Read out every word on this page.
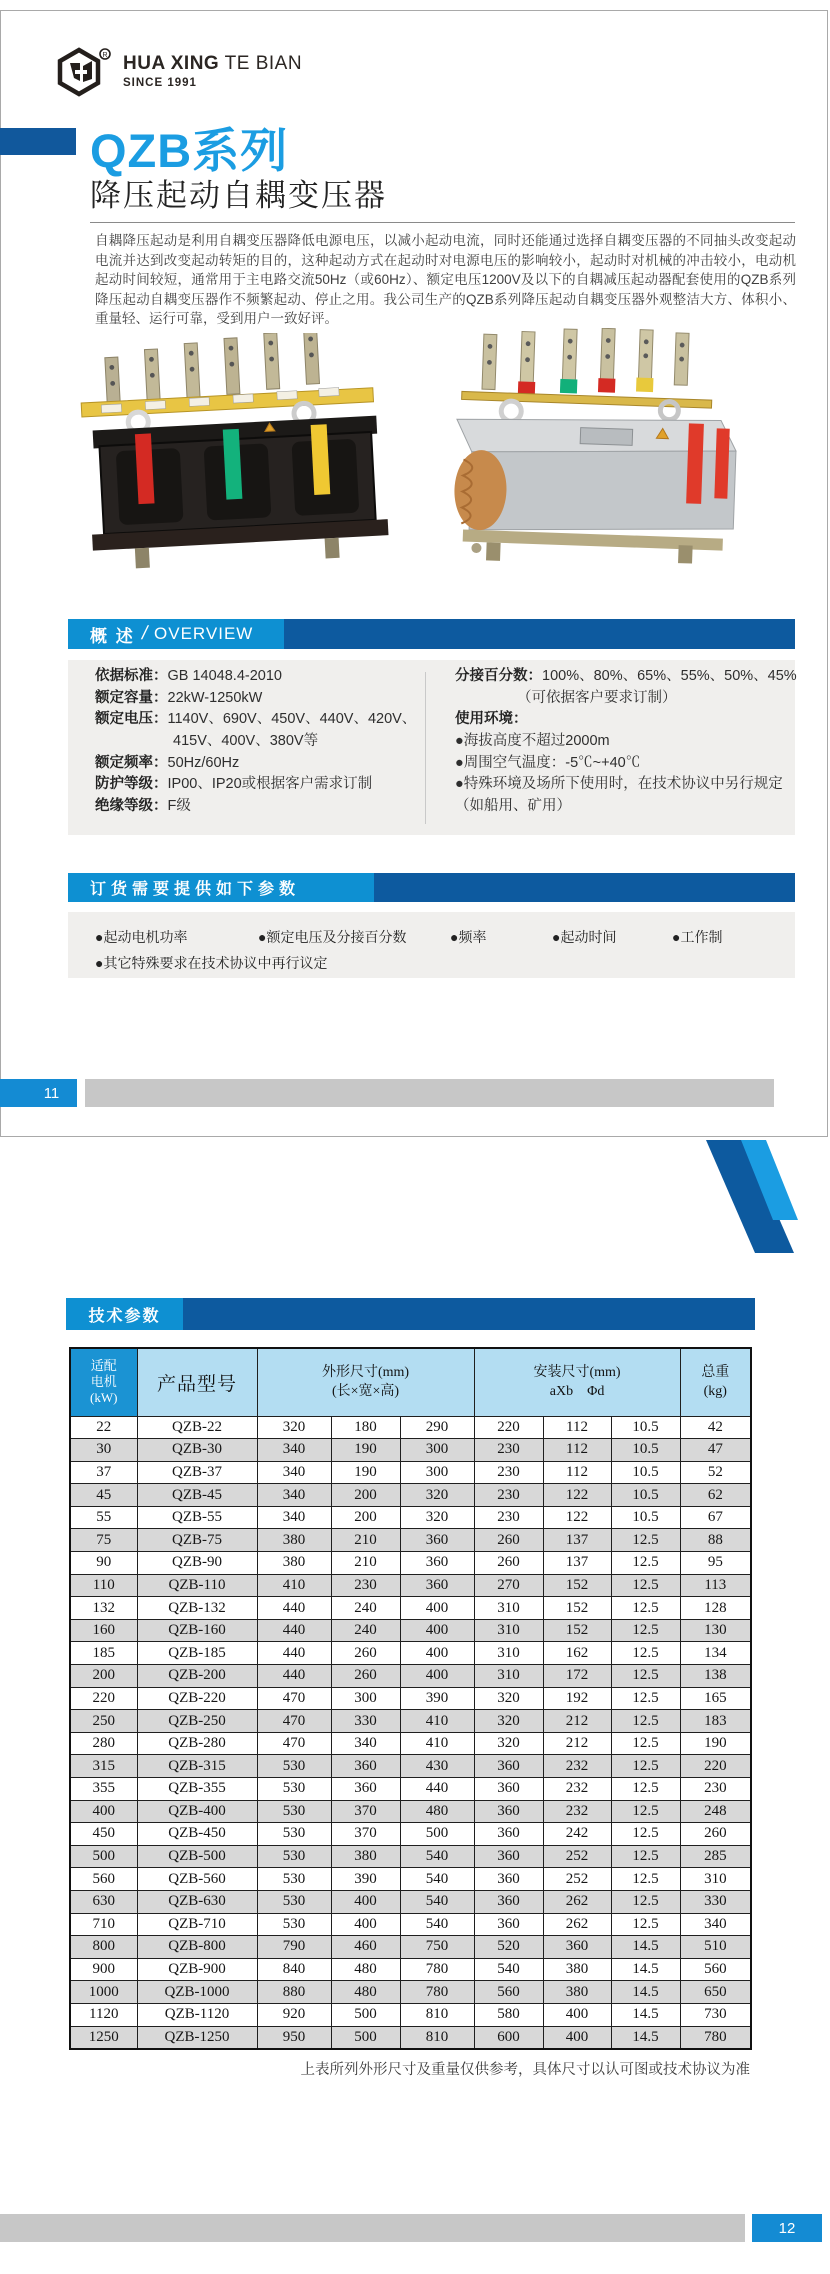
R HUA XING TE BIAN
SINCE 1991
QZB系列
降压起动自耦变压器
自耦降压起动是利用自耦变压器降低电源电压，以减小起动电流，同时还能通过选择自耦变压器的不同抽头改变起动电流并达到改变起动转矩的目的，这种起动方式在起动时对电源电压的影响较小，起动时对机械的冲击较小，电动机起动时间较短，通常用于主电路交流50Hz（或60Hz）、额定电压1200V及以下的自耦减压起动器配套使用的QZB系列降压起动自耦变压器作不频繁起动、停止之用。我公司生产的QZB系列降压起动自耦变压器外观整洁大方、体积小、重量轻、运行可靠，受到用户一致好评。
概 述 / OVERVIEW
依据标准：GB 14048.4-2010
额定容量：22kW-1250kW
额定电压：1140V、690V、450V、440V、420V、
415V、400V、380V等
额定频率：50Hz/60Hz
防护等级：IP00、IP20或根据客户需求订制
绝缘等级：F级
分接百分数：100%、80%、65%、55%、50%、45%
（可依据客户要求订制）
使用环境：
●海拔高度不超过2000m
●周围空气温度：-5℃~+40℃
●特殊环境及场所下使用时，在技术协议中另行规定
（如船用、矿用）
订货需要提供如下参数
●起动电机功率	●额定电压及分接百分数	●频率	●起动时间	●工作制
●其它特殊要求在技术协议中再行议定
11
技术参数
适配
电机
(kW)
	产品型号	
外形尺寸(mm)
(长×宽×高)

安装尺寸(mm)
aXb　Φd

总重
(kg)

22	QZB-22	320	180	290	220	112	10.5	42
30	QZB-30	340	190	300	230	112	10.5	47
37	QZB-37	340	190	300	230	112	10.5	52
45	QZB-45	340	200	320	230	122	10.5	62
55	QZB-55	340	200	320	230	122	10.5	67
75	QZB-75	380	210	360	260	137	12.5	88
90	QZB-90	380	210	360	260	137	12.5	95
110	QZB-110	410	230	360	270	152	12.5	113
132	QZB-132	440	240	400	310	152	12.5	128
160	QZB-160	440	240	400	310	152	12.5	130
185	QZB-185	440	260	400	310	162	12.5	134
200	QZB-200	440	260	400	310	172	12.5	138
220	QZB-220	470	300	390	320	192	12.5	165
250	QZB-250	470	330	410	320	212	12.5	183
280	QZB-280	470	340	410	320	212	12.5	190
315	QZB-315	530	360	430	360	232	12.5	220
355	QZB-355	530	360	440	360	232	12.5	230
400	QZB-400	530	370	480	360	232	12.5	248
450	QZB-450	530	370	500	360	242	12.5	260
500	QZB-500	530	380	540	360	252	12.5	285
560	QZB-560	530	390	540	360	252	12.5	310
630	QZB-630	530	400	540	360	262	12.5	330
710	QZB-710	530	400	540	360	262	12.5	340
800	QZB-800	790	460	750	520	360	14.5	510
900	QZB-900	840	480	780	540	380	14.5	560
1000	QZB-1000	880	480	780	560	380	14.5	650
1120	QZB-1120	920	500	810	580	400	14.5	730
1250	QZB-1250	950	500	810	600	400	14.5	780
上表所列外形尺寸及重量仅供参考，具体尺寸以认可图或技术协议为准
12
